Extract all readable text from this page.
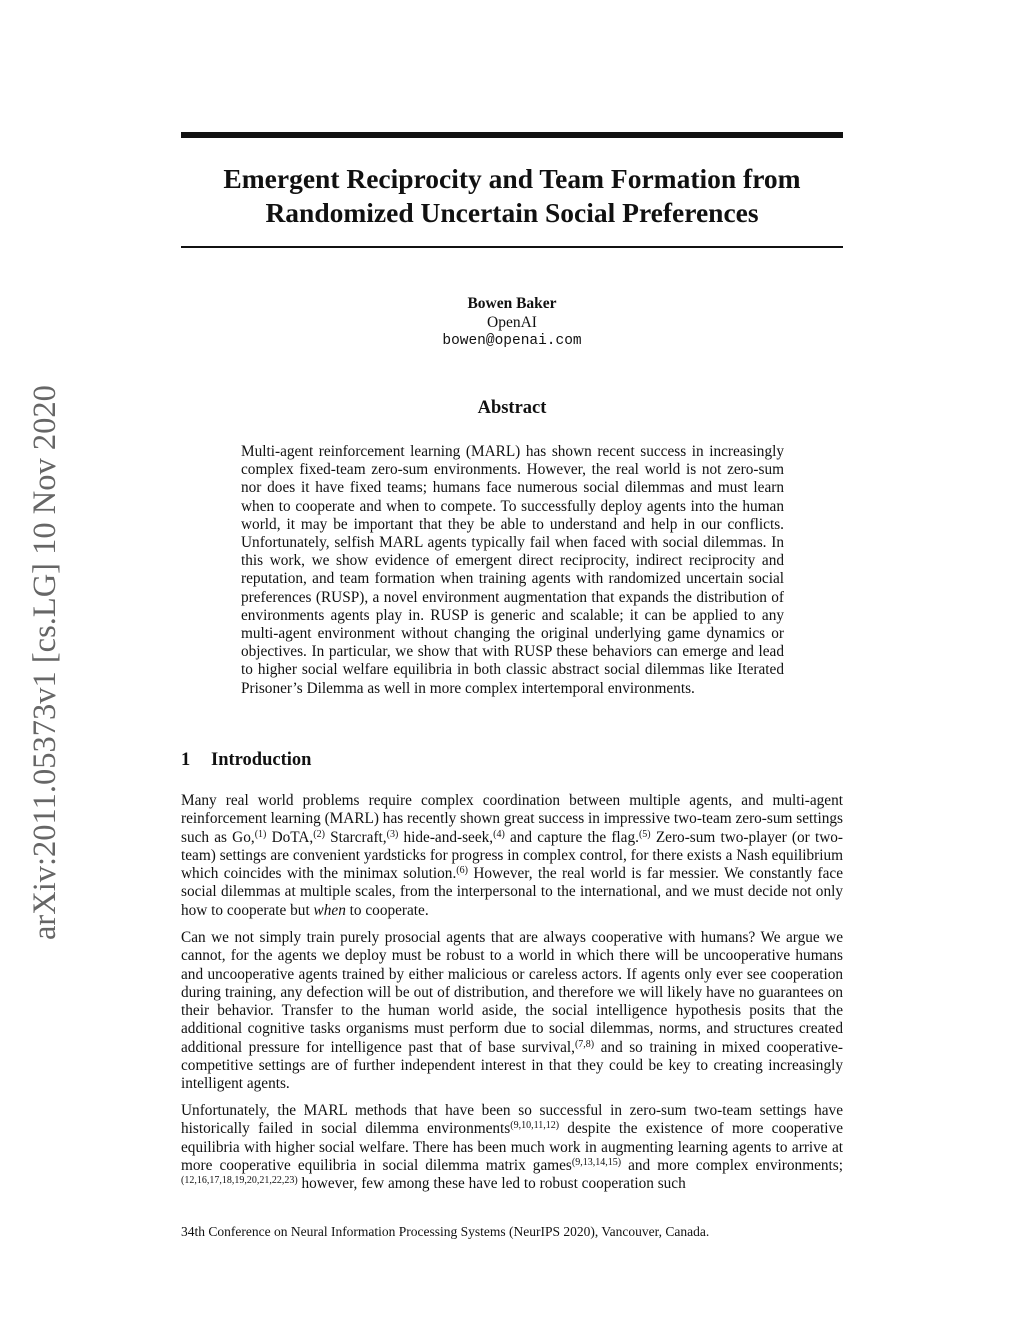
arXiv:2011.05373v1 [cs.LG] 10 Nov 2020
Emergent Reciprocity and Team Formation from
Randomized Uncertain Social Preferences
Bowen Baker
OpenAI
bowen@openai.com
Abstract
Multi-agent reinforcement learning (MARL) has shown recent success in increasingly complex fixed-team zero-sum environments. However, the real world is not zero-sum nor does it have fixed teams; humans face numerous social dilemmas and must learn when to cooperate and when to compete. To successfully deploy agents into the human world, it may be important that they be able to understand and help in our conflicts. Unfortunately, selfish MARL agents typically fail when faced with social dilemmas. In this work, we show evidence of emergent direct reciprocity, indirect reciprocity and reputation, and team formation when training agents with randomized uncertain social preferences (RUSP), a novel environment augmentation that expands the distribution of environments agents play in. RUSP is generic and scalable; it can be applied to any multi-agent environment without changing the original underlying game dynamics or objectives. In particular, we show that with RUSP these behaviors can emerge and lead to higher social welfare equilibria in both classic abstract social dilemmas like Iterated Prisoner’s Dilemma as well in more complex intertemporal environments.
1 Introduction

Many real world problems require complex coordination between multiple agents, and multi-agent reinforcement learning (MARL) has recently shown great success in impressive two-team zero-sum settings such as Go,$^{(1)}$ DoTA,$^{(2)}$ Starcraft,$^{(3)}$ hide-and-seek,$^{(4)}$ and capture the flag.$^{(5)}$ Zero-sum two-player (or two-team) settings are convenient yardsticks for progress in complex control, for there exists a Nash equilibrium which coincides with the minimax solution.$^{(6)}$ However, the real world is far messier. We constantly face social dilemmas at multiple scales, from the interpersonal to the international, and we must decide not only how to cooperate but when to cooperate.

Can we not simply train purely prosocial agents that are always cooperative with humans? We argue we cannot, for the agents we deploy must be robust to a world in which there will be uncooperative humans and uncooperative agents trained by either malicious or careless actors. If agents only ever see cooperation during training, any defection will be out of distribution, and therefore we will likely have no guarantees on their behavior. Transfer to the human world aside, the social intelligence hypothesis posits that the additional cognitive tasks organisms must perform due to social dilemmas, norms, and structures created additional pressure for intelligence past that of base survival,$^{(7,8)}$ and so training in mixed cooperative-competitive settings are of further independent interest in that they could be key to creating increasingly intelligent agents.

Unfortunately, the MARL methods that have been so successful in zero-sum two-team settings have historically failed in social dilemma environments$^{(9,10,11,12)}$ despite the existence of more cooperative equilibria with higher social welfare. There has been much work in augmenting learning agents to arrive at more cooperative equilibria in social dilemma matrix games$^{(9,13,14,15)}$ and more complex environments;$^{(12,16,17,18,19,20,21,22,23)}$ however, few among these have led to robust cooperation such

34th Conference on Neural Information Processing Systems (NeurIPS 2020), Vancouver, Canada.
